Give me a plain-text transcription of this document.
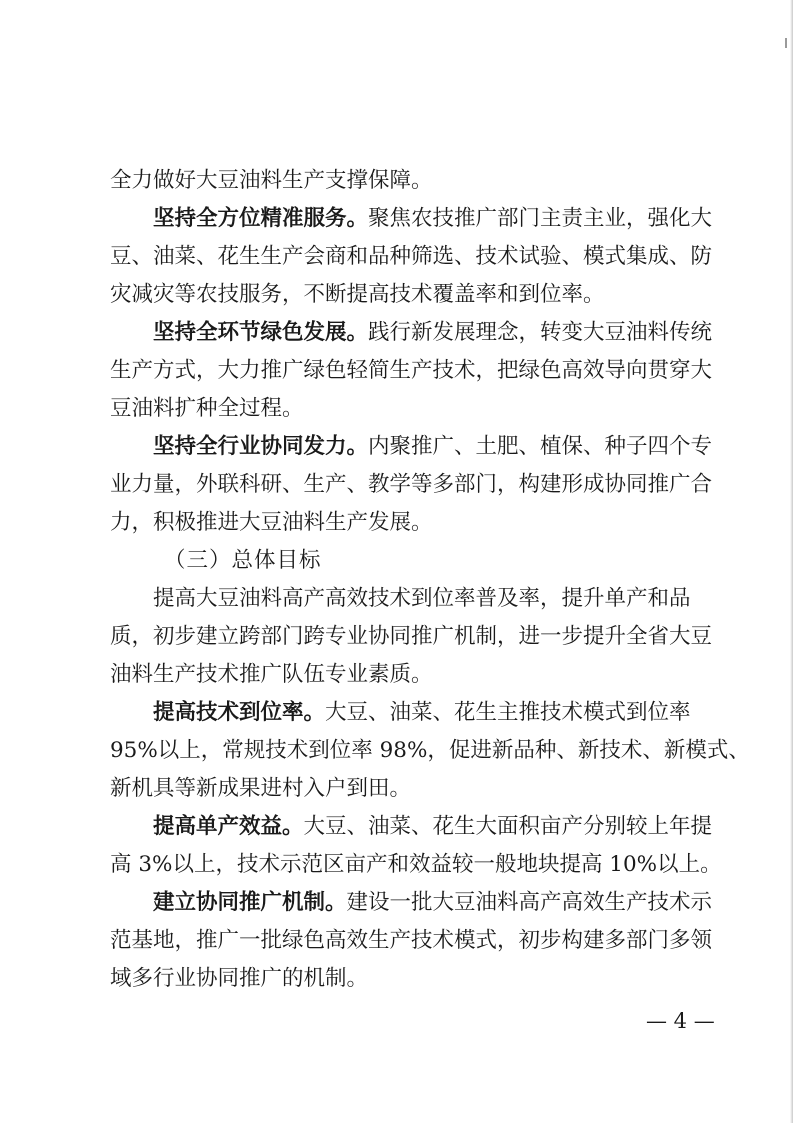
全力做好大豆油料生产支撑保障。
坚持全方位精准服务。聚焦农技推广部门主责主业，强化大
豆、油菜、花生生产会商和品种筛选、技术试验、模式集成、防
灾减灾等农技服务，不断提高技术覆盖率和到位率。
坚持全环节绿色发展。践行新发展理念，转变大豆油料传统
生产方式，大力推广绿色轻简生产技术，把绿色高效导向贯穿大
豆油料扩种全过程。
坚持全行业协同发力。内聚推广、土肥、植保、种子四个专
业力量，外联科研、生产、教学等多部门，构建形成协同推广合
力，积极推进大豆油料生产发展。
（三）总体目标
提高大豆油料高产高效技术到位率普及率，提升单产和品
质，初步建立跨部门跨专业协同推广机制，进一步提升全省大豆
油料生产技术推广队伍专业素质。
提高技术到位率。大豆、油菜、花生主推技术模式到位率
95%以上，常规技术到位率 98%，促进新品种、新技术、新模式、
新机具等新成果进村入户到田。
提高单产效益。大豆、油菜、花生大面积亩产分别较上年提
高 3%以上，技术示范区亩产和效益较一般地块提高 10%以上。
建立协同推广机制。建设一批大豆油料高产高效生产技术示
范基地，推广一批绿色高效生产技术模式，初步构建多部门多领
域多行业协同推广的机制。
— 4 —
